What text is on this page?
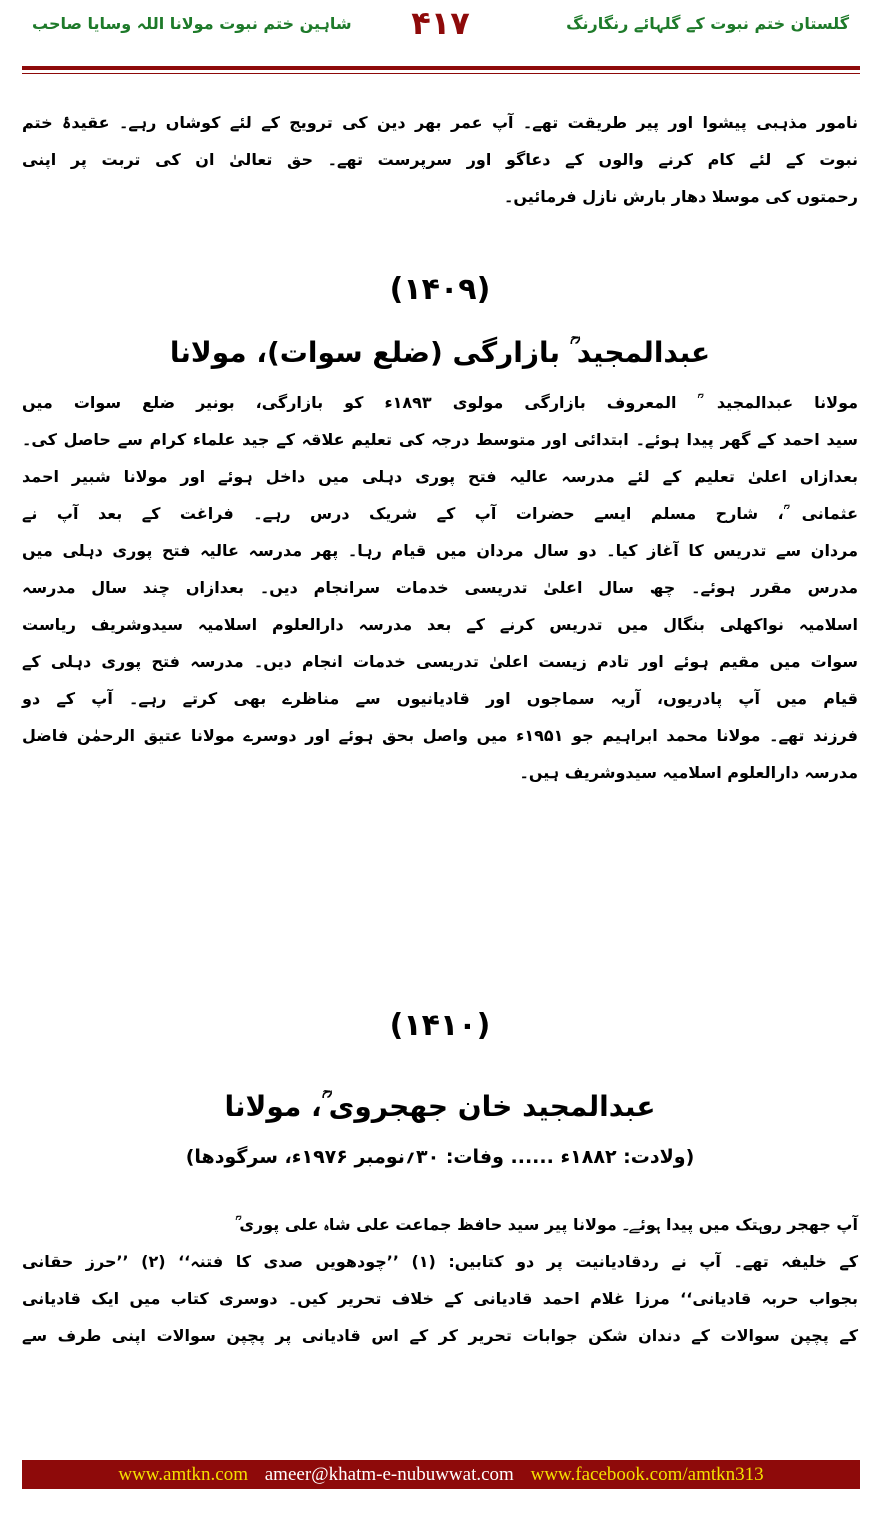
گلستان ختم نبوت کے گلہائے رنگارنگ
۴۱۷
شاہین ختم نبوت مولانا اللہ وسایا صاحب
نامور مذہبی پیشوا اور پیر طریقت تھے۔ آپ عمر بھر دین کی ترویج کے لئے کوشاں رہے۔ عقیدۂ ختم
نبوت کے لئے کام کرنے والوں کے دعاگو اور سرپرست تھے۔ حق تعالیٰ ان کی تربت پر اپنی
رحمتوں کی موسلا دھار بارش نازل فرمائیں۔
(۱۴۰۹)
عبدالمجید ؒ بازارگی (ضلع سوات)، مولانا
مولانا عبدالمجید ؒ المعروف بازارگی مولوی ۱۸۹۳ء کو بازارگی، بونیر ضلع سوات میں
سید احمد کے گھر پیدا ہوئے۔ ابتدائی اور متوسط درجہ کی تعلیم علاقہ کے جید علماء کرام سے حاصل کی۔
بعدازاں اعلیٰ تعلیم کے لئے مدرسہ عالیہ فتح پوری دہلی میں داخل ہوئے اور مولانا شبیر احمد
عثمانی ؒ، شارح مسلم ایسے حضرات آپ کے شریک درس رہے۔ فراغت کے بعد آپ نے
مردان سے تدریس کا آغاز کیا۔ دو سال مردان میں قیام رہا۔ پھر مدرسہ عالیہ فتح پوری دہلی میں
مدرس مقرر ہوئے۔ چھ سال اعلیٰ تدریسی خدمات سرانجام دیں۔ بعدازاں چند سال مدرسہ
اسلامیہ نواکھلی بنگال میں تدریس کرنے کے بعد مدرسہ دارالعلوم اسلامیہ سیدوشریف ریاست
سوات میں مقیم ہوئے اور تادم زیست اعلیٰ تدریسی خدمات انجام دیں۔ مدرسہ فتح پوری دہلی کے
قیام میں آپ پادریوں، آریہ سماجوں اور قادیانیوں سے مناظرے بھی کرتے رہے۔ آپ کے دو
فرزند تھے۔ مولانا محمد ابراہیم جو ۱۹۵۱ء میں واصل بحق ہوئے اور دوسرے مولانا عتیق الرحمٰن فاضل
مدرسہ دارالعلوم اسلامیہ سیدوشریف ہیں۔
(۱۴۱۰)
عبدالمجید خان جھجروی ؒ، مولانا
(ولادت: ۱۸۸۲ء ...... وفات: ۳۰؍نومبر ۱۹۷۶ء، سرگودھا)
آپ جھجر روہتک میں پیدا ہوئے۔ مولانا پیر سید حافظ جماعت علی شاہ علی پوری ؒ
کے خلیفہ تھے۔ آپ نے ردقادیانیت پر دو کتابیں: (۱) ’’چودھویں صدی کا فتنہ‘‘ (۲) ’’حرز حقانی
بجواب حربہ قادیانی‘‘ مرزا غلام احمد قادیانی کے خلاف تحریر کیں۔ دوسری کتاب میں ایک قادیانی
کے پچپن سوالات کے دندان شکن جوابات تحریر کر کے اس قادیانی پر پچپن سوالات اپنی طرف سے
www.amtkn.com ameer@khatm-e-nubuwwat.com www.facebook.com/amtkn313
